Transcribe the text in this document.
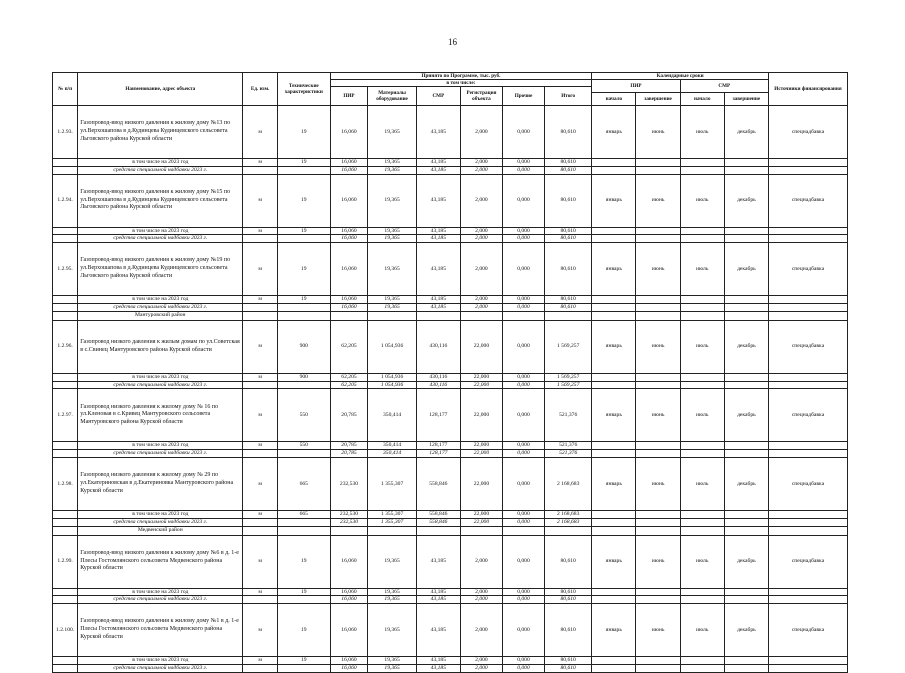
16
№ п/п	Наименование, адрес объекта	Ед. изм.	Технические характеристики	Принято по Программе, тыс. руб.						Календарные сроки				Источники финансирования
				в том числе:						ПИР		СМР		
				ПИР	Материалы оборудование	СМР	Регистрация объекта	Прочие	Итого					
										начало	завершение	начало	завершение	
1.2.93.	Газопровод-ввод низкого давления к жилому дому №13 по ул.Верхошапова в д.Кудинцева Кудинцевского сельсовета Льговского района Курской области	м	19	16,060	19,365	43,185	2,000	0,000	80,610	январь	июнь	июль	декабрь	спецнадбавка
	в том числе на 2023 год	м	19	16,060	19,365	43,185	2,000	0,000	80,610					
	средства специальной надбавки 2023 г.			16,060	19,365	43,185	2,000	0,000	80,610					
1.2.94.	Газопровод-ввод низкого давления к жилому дому №15 по ул.Верхошапова в д.Кудинцева Кудинцевского сельсовета Льговского района Курской области	м	19	16,060	19,365	43,185	2,000	0,000	80,610	январь	июнь	июль	декабрь	спецнадбавка
	в том числе на 2023 год	м	19	16,060	19,365	43,185	2,000	0,000	80,610					
	средства специальной надбавки 2023 г.			16,060	19,365	43,185	2,000	0,000	80,610					
1.2.95.	Газопровод-ввод низкого давления к жилому дому №19 по ул.Верхошапова в д.Кудинцева Кудинцевского сельсовета Льговского района Курской области	м	19	16,060	19,365	43,185	2,000	0,000	80,610	январь	июнь	июль	декабрь	спецнадбавка
	в том числе на 2023 год	м	19	16,060	19,365	43,185	2,000	0,000	80,610					
	средства специальной надбавки 2023 г.			16,060	19,365	43,185	2,000	0,000	80,610					
	Мантуровский район													
1.2.96.	Газопровод низкого давления к жилым домам по ул.Советская в с.Свинец Мантуровского района Курской области	м	900	62,205	1 054,936	430,116	22,000	0,000	1 569,257	январь	июнь	июль	декабрь	спецнадбавка
	в том числе на 2023 год	м	900	62,205	1 054,936	430,116	22,000	0,000	1 569,257					
	средства специальной надбавки 2023 г.			62,205	1 054,936	430,116	22,000	0,000	1 569,257					
1.2.97.	Газопровод низкого давления к жилому дому № 16 по ул.Кленовая в с.Кривец Мантуровского сельсовета Мантуровского района Курской области	м	550	20,785	350,414	128,177	22,000	0,000	521,376	январь	июнь	июль	декабрь	спецнадбавка
	в том числе на 2023 год	м	550	20,785	350,414	128,177	22,000	0,000	521,376					
	средства специальной надбавки 2023 г.			20,785	350,414	128,177	22,000	0,000	521,376					
1.2.98.	Газопровод низкого давления к жилому дому № 29 по ул.Екатериновская в д.Екатериновка Мантуровского района Курской области	м	665	232,530	1 355,307	558,846	22,000	0,000	2 168,683	январь	июнь	июль	декабрь	спецнадбавка
	в том числе на 2023 год	м	665	232,530	1 355,307	558,846	22,000	0,000	2 168,683					
	средства специальной надбавки 2023 г.			232,530	1 355,307	558,846	22,000	0,000	2 168,683					
	Медвенский район													
1.2.99.	Газопровод-ввод низкого давления к жилому дому №6 в д. 1-е Плесы Гостомлянского сельсовета Медвенского района Курской области	м	19	16,060	19,365	43,185	2,000	0,000	80,610	январь	июнь	июль	декабрь	спецнадбавка
	в том числе на 2023 год	м	19	16,060	19,365	43,185	2,000	0,000	80,610					
	средства специальной надбавки 2023 г.			16,060	19,365	43,185	2,000	0,000	80,610					
1.2.100.	Газопровод-ввод низкого давления к жилому дому №1 в д. 1-е Плесы Гостомлянского сельсовета Медвенского района Курской области	м	19	16,060	19,365	43,185	2,000	0,000	80,610	январь	июнь	июль	декабрь	спецнадбавка
	в том числе на 2023 год	м	19	16,060	19,365	43,185	2,000	0,000	80,610					
	средства специальной надбавки 2023 г.			16,060	19,365	43,185	2,000	0,000	80,610					
